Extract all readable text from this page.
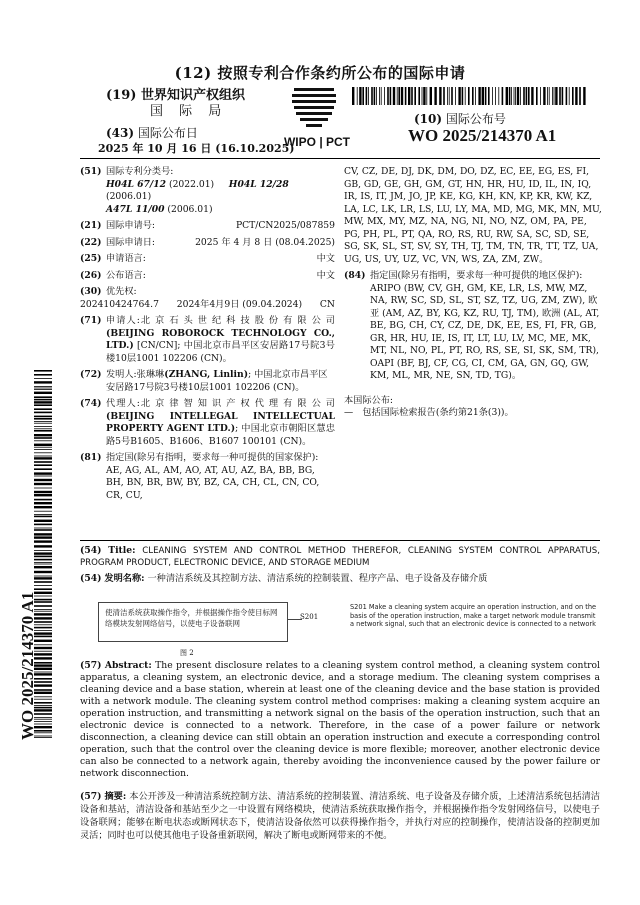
(12) 按照专利合作条约所公布的国际申请
(19) 世界知识产权组织
国 际 局
(43) 国际公布日
2025 年 10 月 16 日 (16.10.2025)
WIPO | PCT
(10) 国际公布号
WO 2025/214370 A1
WO 2025/214370 A1
(51) 国际专利分类号:
H04L 67/12 (2022.01) H04L 12/28 (2006.01)
A47L 11/00 (2006.01)
(21) 国际申请号:	PCT/CN2025/087859
(22) 国际申请日:	2025 年 4 月 8 日 (08.04.2025)
(25) 申请语言:	中文
(26) 公布语言:	中文
(30) 优先权:
202410424764.7 2024年4月9日 (09.04.2024) CN
(71) 申请人:北 京 石 头 世 纪 科 技 股 份 有 限 公 司 (BEIJING ROBOROCK TECHNOLOGY CO., LTD.) [CN/CN]; 中国北京市昌平区安居路17号院3号楼10层1001 102206 (CN)。
(72) 发明人:张琳琳(ZHANG, Linlin); 中国北京市昌平区安居路17号院3号楼10层1001 102206 (CN)。
(74) 代理人:北 京 律 智 知 识 产 权 代 理 有 限 公 司 (BEIJING INTELLEGAL INTELLECTUAL PROPERTY AGENT LTD.); 中国北京市朝阳区慧忠路5号B1605、B1606、B1607 100101 (CN)。
(81) 指定国(除另有指明，要求每一种可提供的国家保护): AE, AG, AL, AM, AO, AT, AU, AZ, BA, BB, BG, BH, BN, BR, BW, BY, BZ, CA, CH, CL, CN, CO, CR, CU,
CV, CZ, DE, DJ, DK, DM, DO, DZ, EC, EE, EG, ES, FI, GB, GD, GE, GH, GM, GT, HN, HR, HU, ID, IL, IN, IQ, IR, IS, IT, JM, JO, JP, KE, KG, KH, KN, KP, KR, KW, KZ, LA, LC, LK, LR, LS, LU, LY, MA, MD, MG, MK, MN, MU, MW, MX, MY, MZ, NA, NG, NI, NO, NZ, OM, PA, PE, PG, PH, PL, PT, QA, RO, RS, RU, RW, SA, SC, SD, SE, SG, SK, SL, ST, SV, SY, TH, TJ, TM, TN, TR, TT, TZ, UA, UG, US, UY, UZ, VC, VN, WS, ZA, ZM, ZW。
(84) 指定国(除另有指明，要求每一种可提供的地区保护): ARIPO (BW, CV, GH, GM, KE, LR, LS, MW, MZ, NA, RW, SC, SD, SL, ST, SZ, TZ, UG, ZM, ZW), 欧亚 (AM, AZ, BY, KG, KZ, RU, TJ, TM), 欧洲 (AL, AT, BE, BG, CH, CY, CZ, DE, DK, EE, ES, FI, FR, GB, GR, HR, HU, IE, IS, IT, LT, LU, LV, MC, ME, MK, MT, NL, NO, PL, PT, RO, RS, SE, SI, SK, SM, TR), OAPI (BF, BJ, CF, CG, CI, CM, GA, GN, GQ, GW, KM, ML, MR, NE, SN, TD, TG)。
本国际公布:
—　包括国际检索报告(条约第21条(3))。
(54) Title: CLEANING SYSTEM AND CONTROL METHOD THEREFOR, CLEANING SYSTEM CONTROL APPARATUS, PROGRAM PRODUCT, ELECTRONIC DEVICE, AND STORAGE MEDIUM
(54) 发明名称: 一种清洁系统及其控制方法、清洁系统的控制装置、程序产品、电子设备及存储介质
使清洁系统获取操作指令，并根据操作指令使目标网络模块发射网络信号，以使电子设备联网
S201
图 2
S201 Make a cleaning system acquire an operation instruction, and on the basis of the operation instruction, make a target network module transmit a network signal, such that an electronic device is connected to a network
(57) Abstract: The present disclosure relates to a cleaning system control method, a cleaning system control apparatus, a cleaning system, an electronic device, and a storage medium. The cleaning system comprises a cleaning device and a base station, wherein at least one of the cleaning device and the base station is provided with a network module. The cleaning system control method comprises: making a cleaning system acquire an operation instruction, and transmitting a network signal on the basis of the operation instruction, such that an electronic device is connected to a network. Therefore, in the case of a power failure or network disconnection, a cleaning device can still obtain an operation instruction and execute a corresponding control operation, such that the control over the cleaning device is more flexible; moreover, another electronic device can also be connected to a network again, thereby avoiding the inconvenience caused by the power failure or network disconnection.
(57) 摘要: 本公开涉及一种清洁系统控制方法、清洁系统的控制装置、清洁系统、电子设备及存储介质，上述清洁系统包括清洁设备和基站，清洁设备和基站至少之一中设置有网络模块，使清洁系统获取操作指令，并根据操作指令发射网络信号，以使电子设备联网；能够在断电状态或断网状态下，使清洁设备依然可以获得操作指令，并执行对应的控制操作，使清洁设备的控制更加灵活；同时也可以使其他电子设备重新联网，解决了断电或断网带来的不便。
